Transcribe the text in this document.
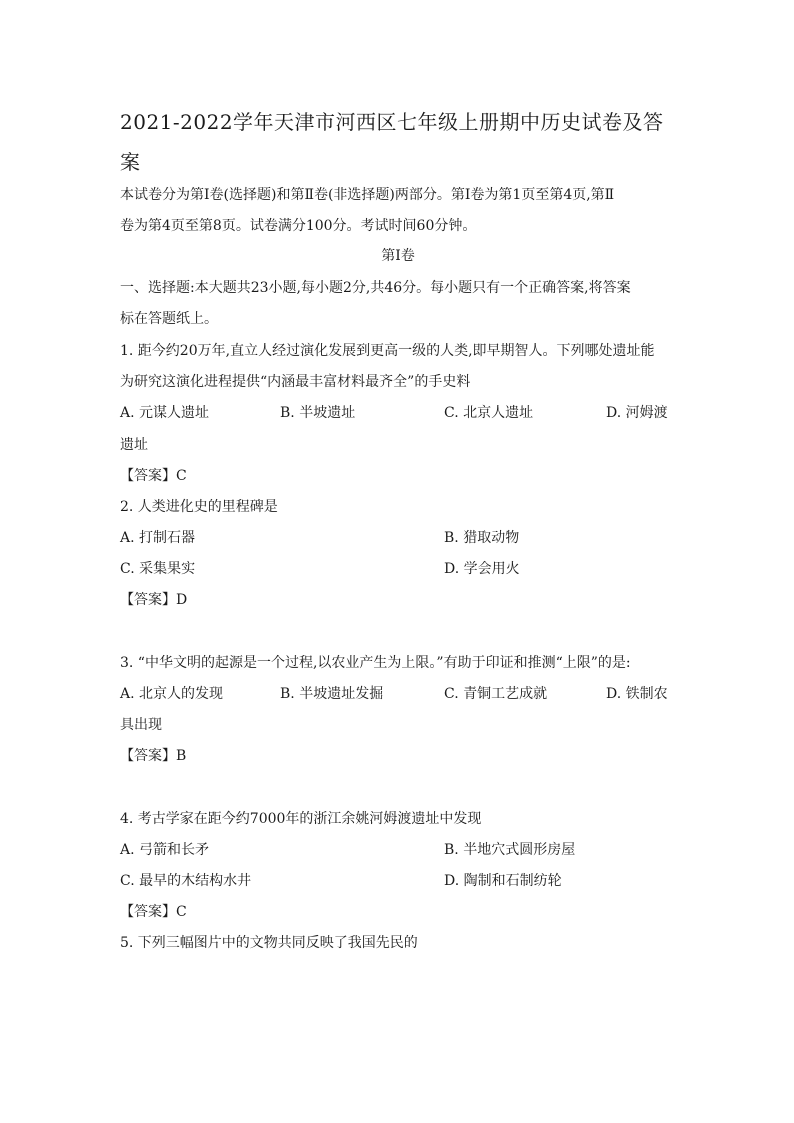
2021-2022学年天津市河西区七年级上册期中历史试卷及答
案
本试卷分为第Ⅰ卷(选择题)和第Ⅱ卷(非选择题)两部分。第Ⅰ卷为第1页至第4页,第Ⅱ
卷为第4页至第8页。试卷满分100分。考试时间60分钟。
第Ⅰ卷
一、选择题:本大题共23小题,每小题2分,共46分。每小题只有一个正确答案,将答案
标在答题纸上。
1. 距今约20万年,直立人经过演化发展到更高一级的人类,即早期智人。下列哪处遗址能
为研究这演化进程提供“内涵最丰富材料最齐全”的手史料
A. 元谋人遗址	B. 半坡遗址	C. 北京人遗址	D. 河姆渡
遗址
【答案】C
2. 人类进化史的里程碑是
A. 打制石器	B. 猎取动物
C. 采集果实	D. 学会用火
【答案】D
3. “中华文明的起源是一个过程,以农业产生为上限。”有助于印证和推测“上限”的是:
A. 北京人的发现	B. 半坡遗址发掘	C. 青铜工艺成就	D. 铁制农
具出现
【答案】B
4. 考古学家在距今约7000年的浙江余姚河姆渡遗址中发现
A. 弓箭和长矛	B. 半地穴式圆形房屋
C. 最早的木结构水井	D. 陶制和石制纺轮
【答案】C
5. 下列三幅图片中的文物共同反映了我国先民的
